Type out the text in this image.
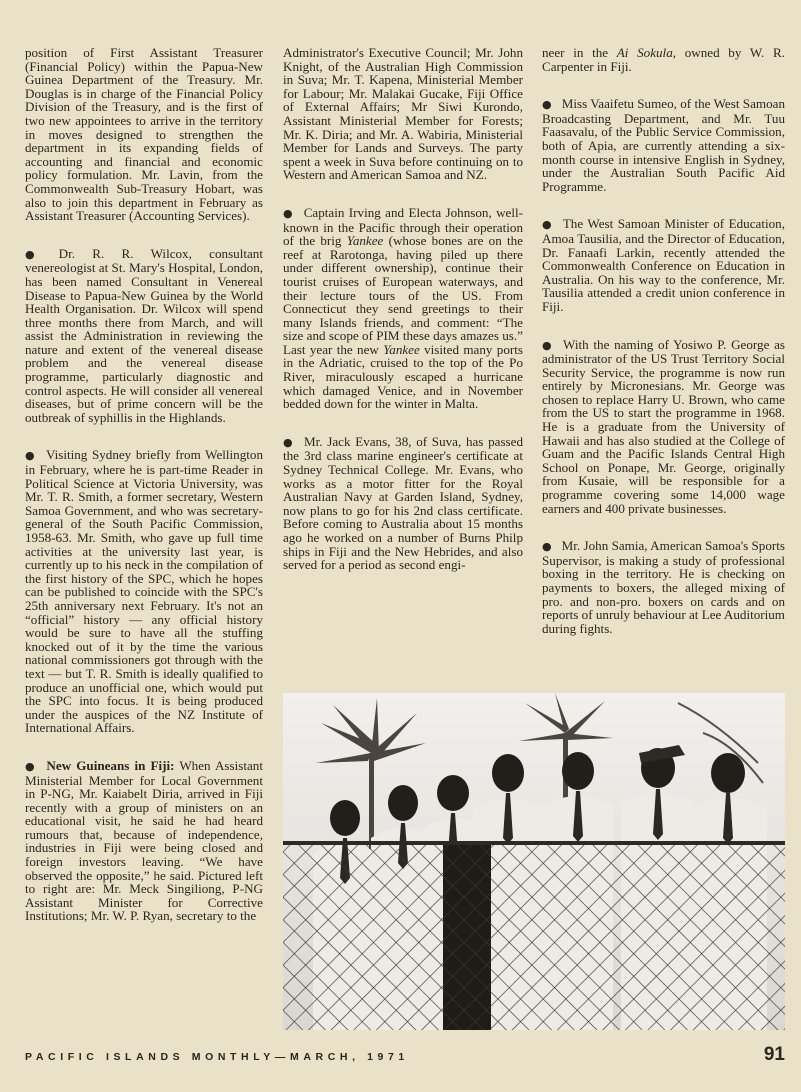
position of First Assistant Treasurer (Financial Policy) within the Papua-New Guinea Department of the Treasury. Mr. Douglas is in charge of the Financial Policy Division of the Treasury, and is the first of two new appointees to arrive in the territory in moves designed to strengthen the department in its expanding fields of accounting and financial and economic policy formulation. Mr. Lavin, from the Commonwealth Sub-Treasury Hobart, was also to join this department in February as Assistant Treasurer (Accounting Services).

● Dr. R. R. Wilcox, consultant venereologist at St. Mary's Hospital, London, has been named Consultant in Venereal Disease to Papua-New Guinea by the World Health Organisation. Dr. Wilcox will spend three months there from March, and will assist the Administration in reviewing the nature and extent of the venereal disease problem and the venereal disease programme, particularly diagnostic and control aspects. He will consider all venereal diseases, but of prime concern will be the outbreak of syphillis in the Highlands.

● Visiting Sydney briefly from Wellington in February, where he is part-time Reader in Political Science at Victoria University, was Mr. T. R. Smith, a former secretary, Western Samoa Government, and who was secretary-general of the South Pacific Commission, 1958-63. Mr. Smith, who gave up full time activities at the university last year, is currently up to his neck in the compilation of the first history of the SPC, which he hopes can be published to coincide with the SPC's 25th anniversary next February. It's not an “official” history — any official history would be sure to have all the stuffing knocked out of it by the time the various national commissioners got through with the text — but T. R. Smith is ideally qualified to produce an unofficial one, which would put the SPC into focus. It is being produced under the auspices of the NZ Institute of International Affairs.

● New Guineans in Fiji: When Assistant Ministerial Member for Local Government in P-NG, Mr. Kaiabelt Diria, arrived in Fiji recently with a group of ministers on an educational visit, he said he had heard rumours that, because of independence, industries in Fiji were being closed and foreign investors leaving. “We have observed the opposite,” he said. Pictured left to right are: Mr. Meck Singiliong, P-NG Assistant Minister for Corrective Institutions; Mr. W. P. Ryan, secretary to the

Administrator's Executive Council; Mr. John Knight, of the Australian High Commission in Suva; Mr. T. Kapena, Ministerial Member for Labour; Mr. Malakai Gucake, Fiji Office of External Affairs; Mr Siwi Kurondo, Assistant Ministerial Member for Forests; Mr. K. Diria; and Mr. A. Wabiria, Ministerial Member for Lands and Surveys. The party spent a week in Suva before continuing on to Western and American Samoa and NZ.

● Captain Irving and Electa Johnson, well-known in the Pacific through their operation of the brig Yankee (whose bones are on the reef at Rarotonga, having piled up there under different ownership), continue their tourist cruises of European waterways, and their lecture tours of the US. From Connecticut they send greetings to their many Islands friends, and comment: “The size and scope of PIM these days amazes us.” Last year the new Yankee visited many ports in the Adriatic, cruised to the top of the Po River, miraculously escaped a hurricane which damaged Venice, and in November bedded down for the winter in Malta.

● Mr. Jack Evans, 38, of Suva, has passed the 3rd class marine engineer's certificate at Sydney Technical College. Mr. Evans, who works as a motor fitter for the Royal Australian Navy at Garden Island, Sydney, now plans to go for his 2nd class certificate. Before coming to Australia about 15 months ago he worked on a number of Burns Philp ships in Fiji and the New Hebrides, and also served for a period as second engi-

neer in the Ai Sokula, owned by W. R. Carpenter in Fiji.

● Miss Vaaifetu Sumeo, of the West Samoan Broadcasting Department, and Mr. Tuu Faasavalu, of the Public Service Commission, both of Apia, are currently attending a six-month course in intensive English in Sydney, under the Australian South Pacific Aid Programme.

● The West Samoan Minister of Education, Amoa Tausilia, and the Director of Education, Dr. Fanaafi Larkin, recently attended the Commonwealth Conference on Education in Australia. On his way to the conference, Mr. Tausilia attended a credit union conference in Fiji.

● With the naming of Yosiwo P. George as administrator of the US Trust Territory Social Security Service, the programme is now run entirely by Micronesians. Mr. George was chosen to replace Harry U. Brown, who came from the US to start the programme in 1968. He is a graduate from the University of Hawaii and has also studied at the College of Guam and the Pacific Islands Central High School on Ponape, Mr. George, originally from Kusaie, will be responsible for a programme covering some 14,000 wage earners and 400 private businesses.

● Mr. John Samia, American Samoa's Sports Supervisor, is making a study of professional boxing in the territory. He is checking on payments to boxers, the alleged mixing of pro. and non-pro. boxers on cards and on reports of unruly behaviour at Lee Auditorium during fights.

PACIFIC ISLANDS MONTHLY—MARCH, 1971	91
